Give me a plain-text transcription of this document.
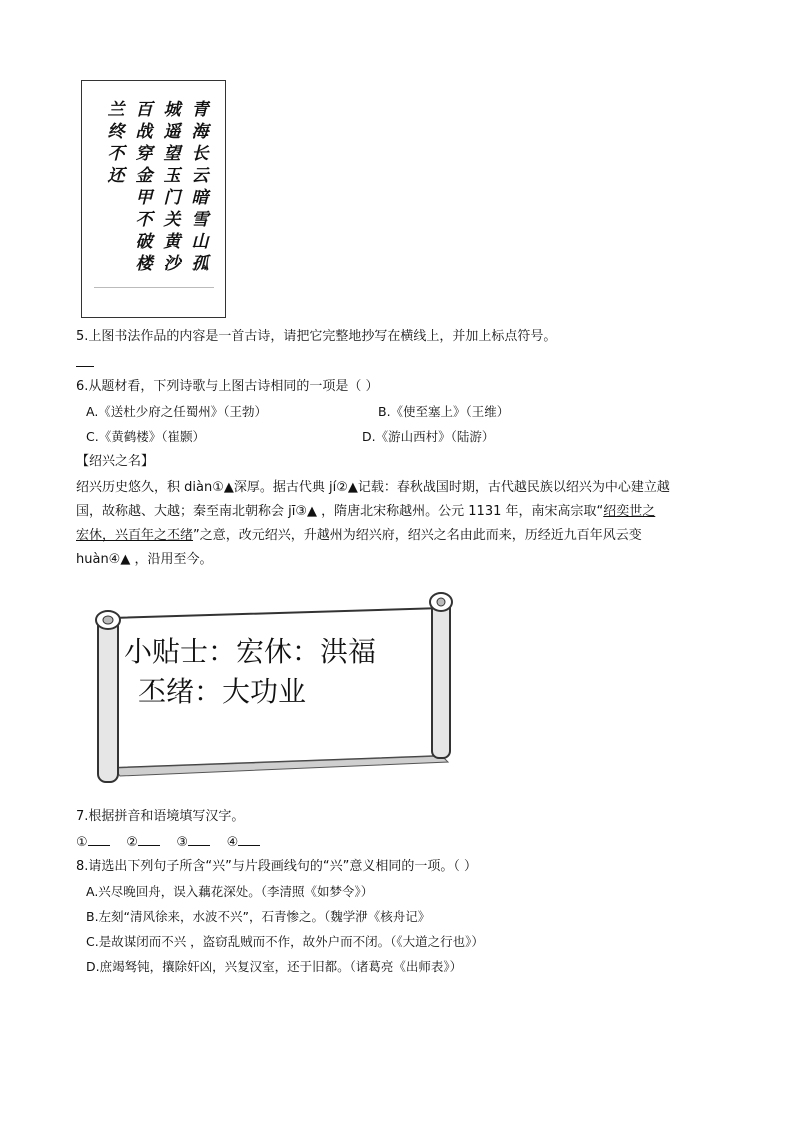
青海长云暗雪山孤
城遥望玉门关黄沙
百战穿金甲不破楼
兰终不还
5.上图书法作品的内容是一首古诗，请把它完整地抄写在横线上，并加上标点符号。
6.从题材看，下列诗歌与上图古诗相同的一项是（ ）
A.《送杜少府之任蜀州》（王勃）	B.《使至塞上》（王维）
C.《黄鹤楼》（崔颢）	D.《游山西村》（陆游）
【绍兴之名】
绍兴历史悠久，积 diàn①▲深厚。据古代典 jí②▲记载：春秋战国时期，古代越民族以绍兴为中心建立越
国，故称越、大越；秦至南北朝称会 jī③▲ ，隋唐北宋称越州。公元 1131 年，南宋高宗取“绍奕世之
宏休，兴百年之丕绪”之意，改元绍兴，升越州为绍兴府，绍兴之名由此而来，历经近九百年风云变
huàn④▲ ，沿用至今。
小贴士：宏休：洪福
丕绪：大功业
7.根据拼音和语境填写汉字。
①	②	③	④
8.请选出下列句子所含“兴”与片段画线句的“兴”意义相同的一项。（ ）
A.兴尽晚回舟，误入藕花深处。（李清照《如梦令》）
B.左刻“清风徐来，水波不兴”，石青惨之。（魏学洢《核舟记》
C.是故谋闭而不兴 ，盗窃乱贼而不作，故外户而不闭。（《大道之行也》）
D.庶竭驽钝，攘除奸凶，兴复汉室，还于旧都。（诸葛亮《出师表》）
